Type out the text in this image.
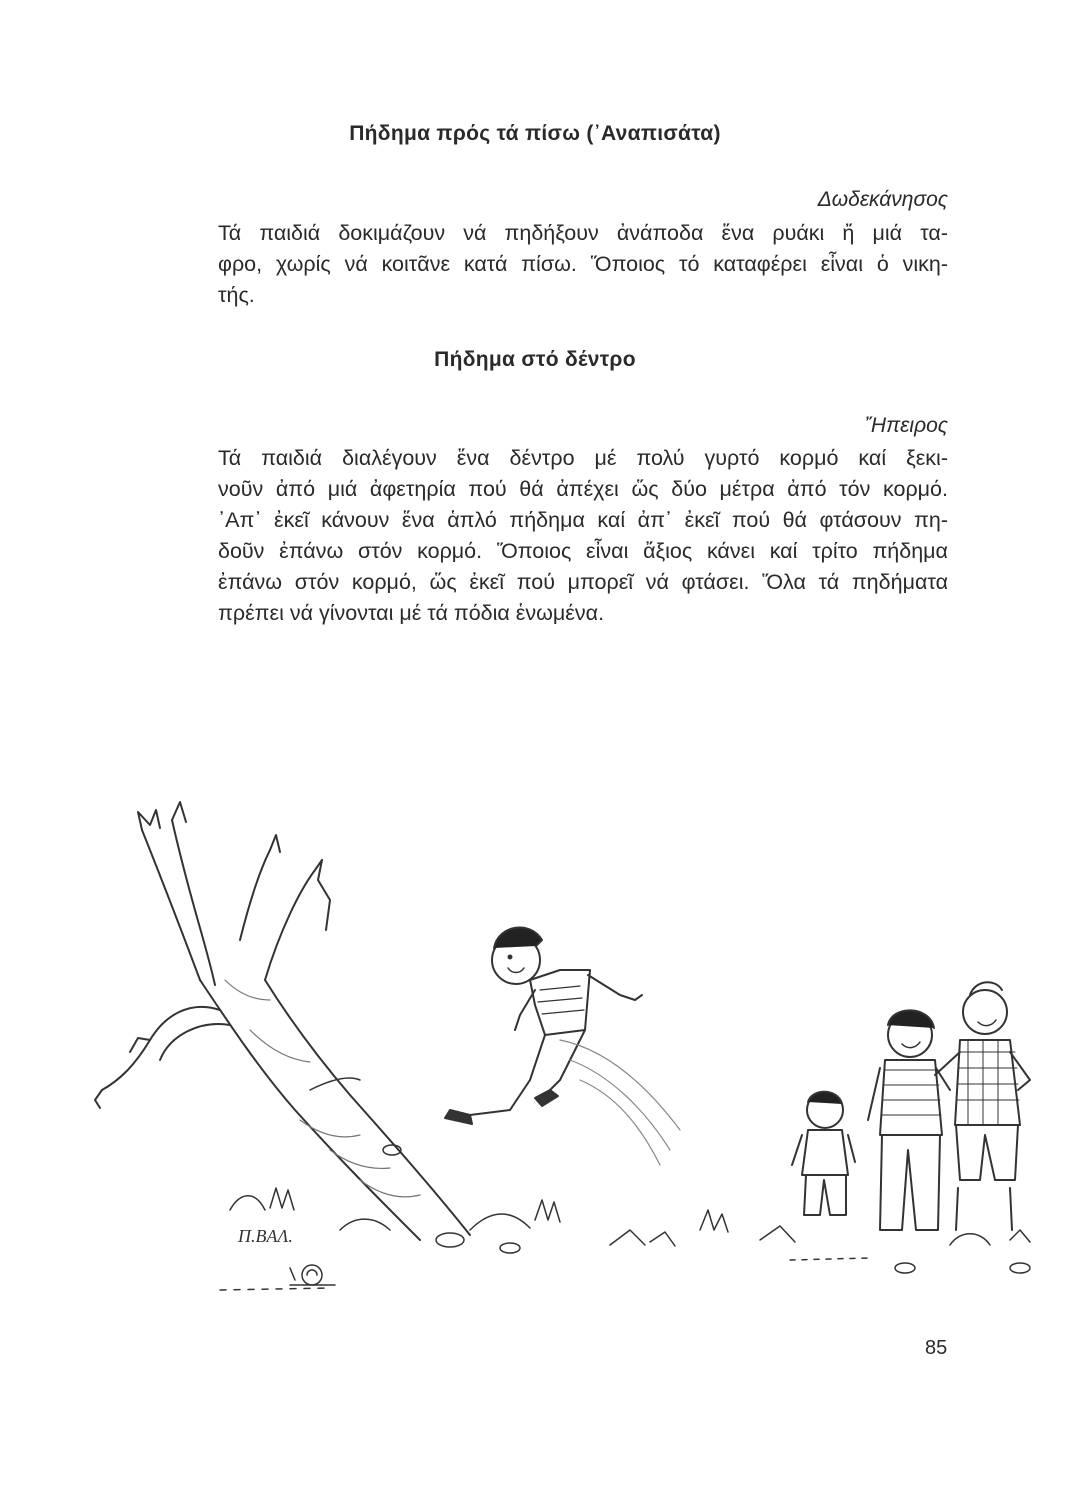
Πήδημα πρός τά πίσω (᾽Αναπισάτα)
Δωδεκάνησος
Τά παιδιά δοκιμάζουν νά πηδήξουν ἀνάποδα ἕνα ρυάκι ἤ μιά τα-
φρο, χωρίς νά κοιτᾶνε κατά πίσω. Ὅποιος τό καταφέρει εἶναι ὁ νικη-
τής.
Πήδημα στό δέντρο
Ἤπειρος
Τά παιδιά διαλέγουν ἕνα δέντρο μέ πολύ γυρτό κορμό καί ξεκι-
νοῦν ἀπό μιά ἀφετηρία πού θά ἀπέχει ὥς δύο μέτρα ἀπό τόν κορμό.
᾽Απ᾽ ἐκεῖ κάνουν ἕνα ἁπλό πήδημα καί ἀπ᾽ ἐκεῖ πού θά φτάσουν πη-
δοῦν ἐπάνω στόν κορμό. Ὅποιος εἶναι ἄξιος κάνει καί τρίτο πήδημα
ἐπάνω στόν κορμό, ὥς ἐκεῖ πού μπορεῖ νά φτάσει. Ὅλα τά πηδήματα
πρέπει νά γίνονται μέ τά πόδια ἑνωμένα.
Π.ΒΑΛ.
85
